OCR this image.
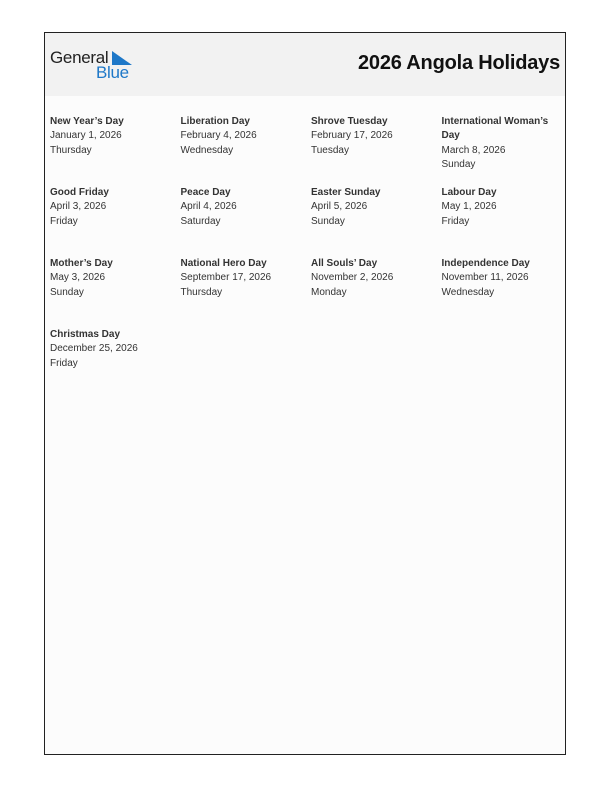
General
Blue	2026 Angola Holidays
New Year’s Day
January 1, 2026
Thursday
Liberation Day
February 4, 2026
Wednesday
Shrove Tuesday
February 17, 2026
Tuesday
International Woman’s Day
March 8, 2026
Sunday
Good Friday
April 3, 2026
Friday
Peace Day
April 4, 2026
Saturday
Easter Sunday
April 5, 2026
Sunday
Labour Day
May 1, 2026
Friday
Mother’s Day
May 3, 2026
Sunday
National Hero Day
September 17, 2026
Thursday
All Souls’ Day
November 2, 2026
Monday
Independence Day
November 11, 2026
Wednesday
Christmas Day
December 25, 2026
Friday
